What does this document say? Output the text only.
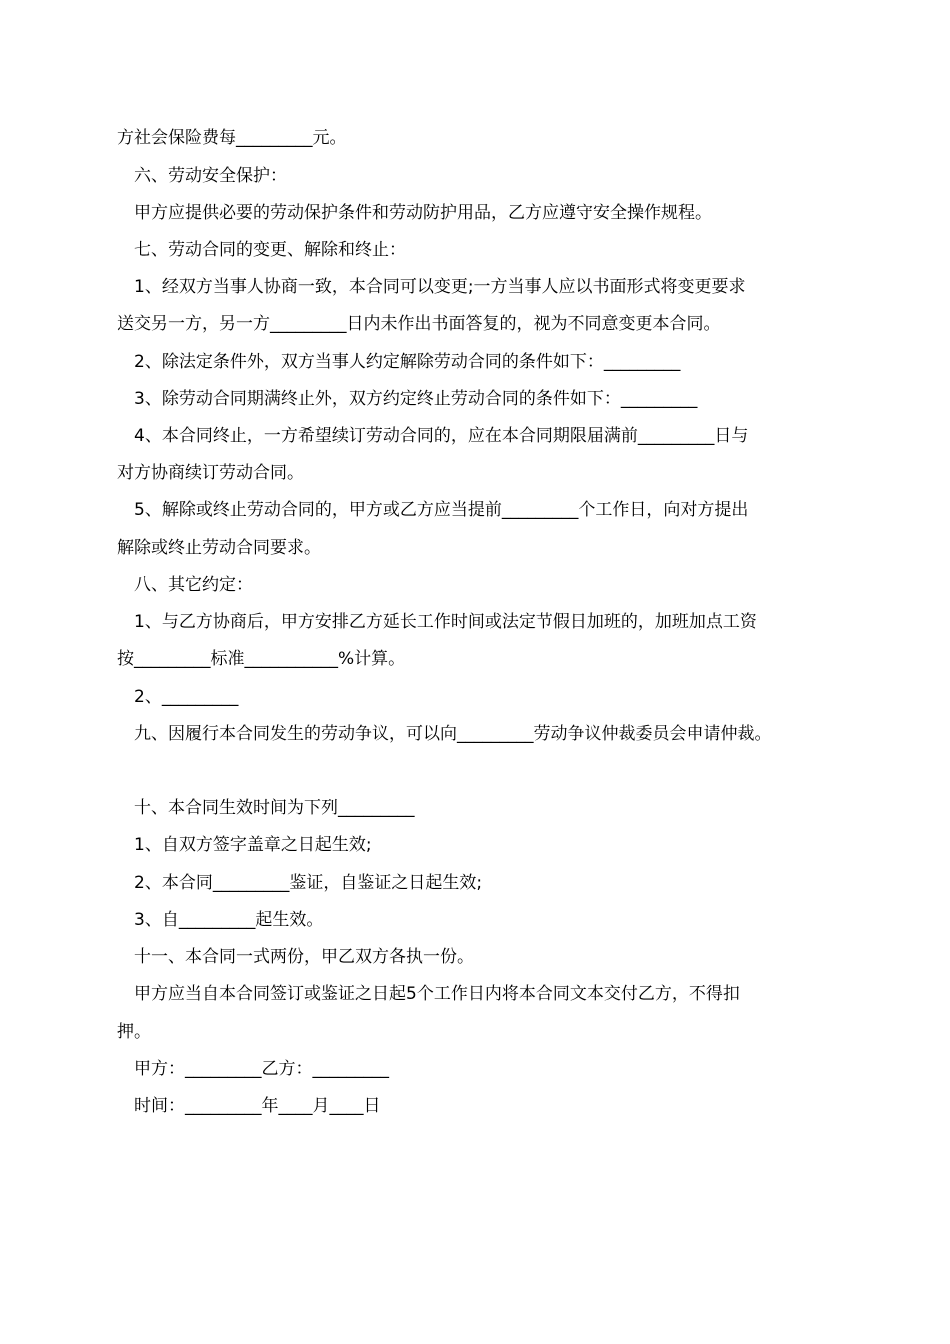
方社会保险费每_________元。

六、劳动安全保护：

甲方应提供必要的劳动保护条件和劳动防护用品，乙方应遵守安全操作规程。

七、劳动合同的变更、解除和终止：

1、经双方当事人协商一致，本合同可以变更;一方当事人应以书面形式将变更要求

送交另一方，另一方_________日内未作出书面答复的，视为不同意变更本合同。

2、除法定条件外，双方当事人约定解除劳动合同的条件如下：_________

3、除劳动合同期满终止外，双方约定终止劳动合同的条件如下：_________

4、本合同终止，一方希望续订劳动合同的，应在本合同期限届满前_________日与

对方协商续订劳动合同。

5、解除或终止劳动合同的，甲方或乙方应当提前_________个工作日，向对方提出

解除或终止劳动合同要求。

八、其它约定：

1、与乙方协商后，甲方安排乙方延长工作时间或法定节假日加班的，加班加点工资

按_________标准___________%计算。

2、_________

九、因履行本合同发生的劳动争议，可以向_________劳动争议仲裁委员会申请仲裁。

十、本合同生效时间为下列_________

1、自双方签字盖章之日起生效;

2、本合同_________鉴证，自鉴证之日起生效;

3、自_________起生效。

十一、本合同一式两份，甲乙双方各执一份。

甲方应当自本合同签订或鉴证之日起5个工作日内将本合同文本交付乙方，不得扣

押。

甲方：_________乙方：_________

时间：_________年____月____日
